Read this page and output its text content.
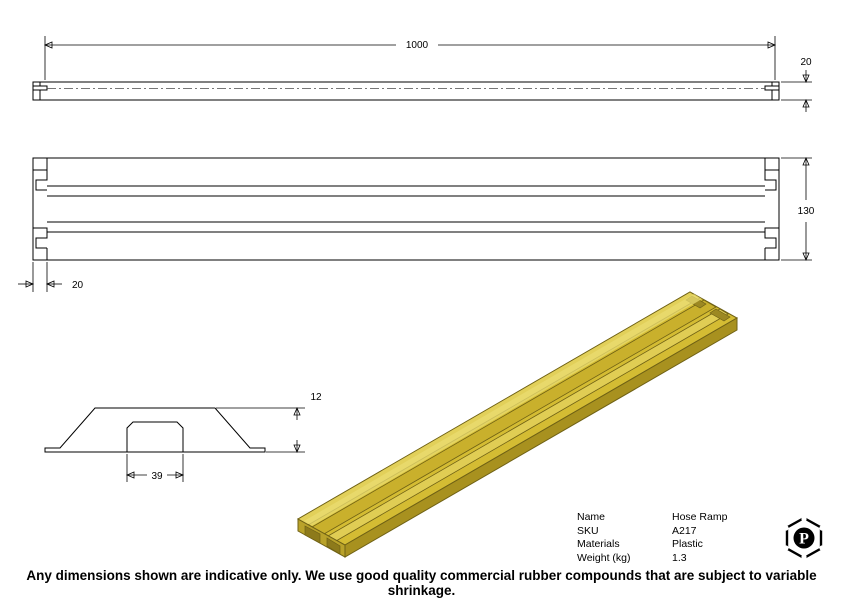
1000
20
130
20
12
39
Name	Hose Ramp
SKU	A217
Materials	Plastic
Weight (kg)	1.3
P
Any dimensions shown are indicative only. We use good quality commercial rubber compounds that are subject to variable shrinkage.
